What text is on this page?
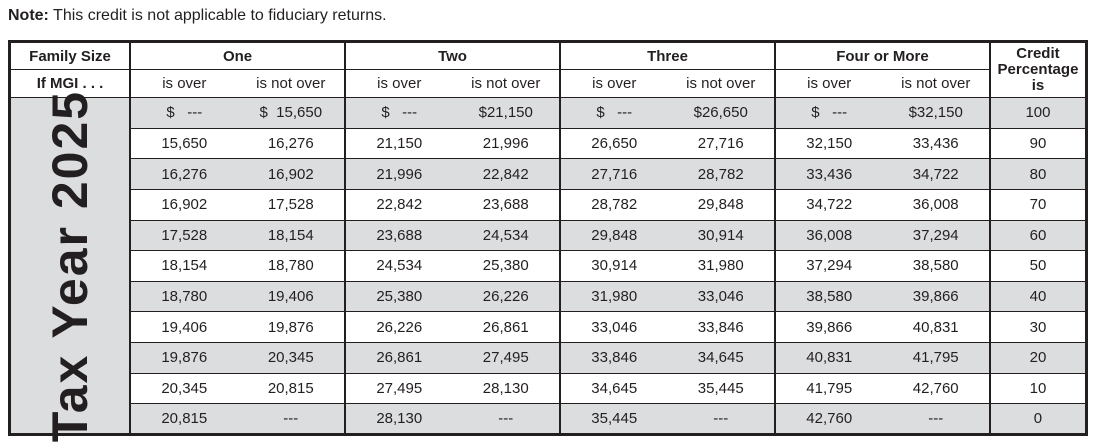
Note: This credit is not applicable to fiduciary returns.
Family Size	One		Two		Three		Four or More		Credit Percentage is
If MGI . . .	is over	is not over	is over	is not over	is over	is not over	is over	is not over	

Tax Year 2025	$   ---	$  15,650	$   ---	$21,150	$   ---	$26,650	$   ---	$32,150	100
	15,650	16,276	21,150	21,996	26,650	27,716	32,150	33,436	90
	16,276	16,902	21,996	22,842	27,716	28,782	33,436	34,722	80
	16,902	17,528	22,842	23,688	28,782	29,848	34,722	36,008	70
	17,528	18,154	23,688	24,534	29,848	30,914	36,008	37,294	60
	18,154	18,780	24,534	25,380	30,914	31,980	37,294	38,580	50
	18,780	19,406	25,380	26,226	31,980	33,046	38,580	39,866	40
	19,406	19,876	26,226	26,861	33,046	33,846	39,866	40,831	30
	19,876	20,345	26,861	27,495	33,846	34,645	40,831	41,795	20
	20,345	20,815	27,495	28,130	34,645	35,445	41,795	42,760	10
	20,815	---	28,130	---	35,445	---	42,760	---	0
